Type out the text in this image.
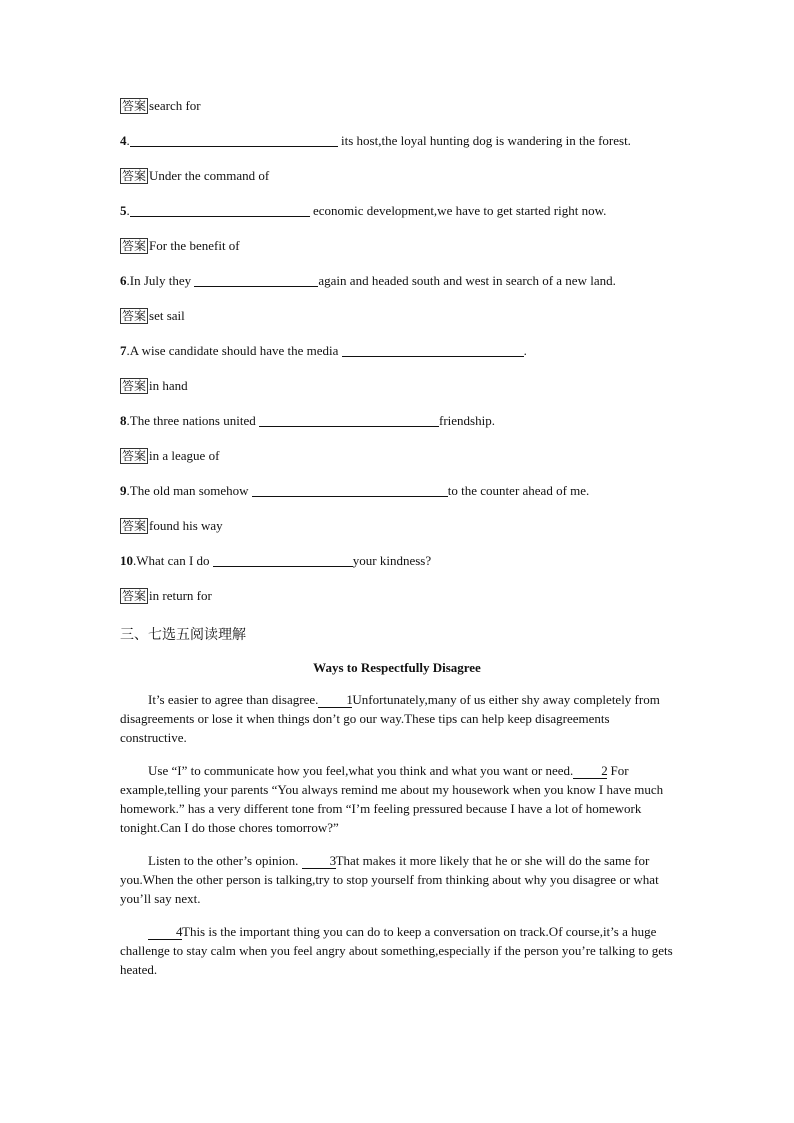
答案 search for
4.	its host,the loyal hunting dog is wandering in the forest.
答案 Under the command of
5.	economic development,we have to get started right now.
答案 For the benefit of
6.In July they	again and headed south and west in search of a new land.
答案 set sail
7.A wise candidate should have the media	.
答案 in hand
8.The three nations united	friendship.
答案 in a league of
9.The old man somehow	to the counter ahead of me.
答案 found his way
10.What can I do	your kindness?
答案 in return for
三、七选五阅读理解
Ways to Respectfully Disagree
It’s easier to agree than disagree. 1Unfortunately,many of us either shy away completely from disagreements or lose it when things don’t go our way.These tips can help keep disagreements constructive.
Use “I” to communicate how you feel,what you think and what you want or need. 2 For example,telling your parents “You always remind me about my housework when you know I have much homework.” has a very different tone from “I’m feeling pressured because I have a lot of homework tonight.Can I do those chores tomorrow?”
Listen to the other’s opinion. 3That makes it more likely that he or she will do the same for you.When the other person is talking,try to stop yourself from thinking about why you disagree or what you’ll say next.
4This is the important thing you can do to keep a conversation on track.Of course,it’s a huge challenge to stay calm when you feel angry about something,especially if the person you’re talking to gets heated.
